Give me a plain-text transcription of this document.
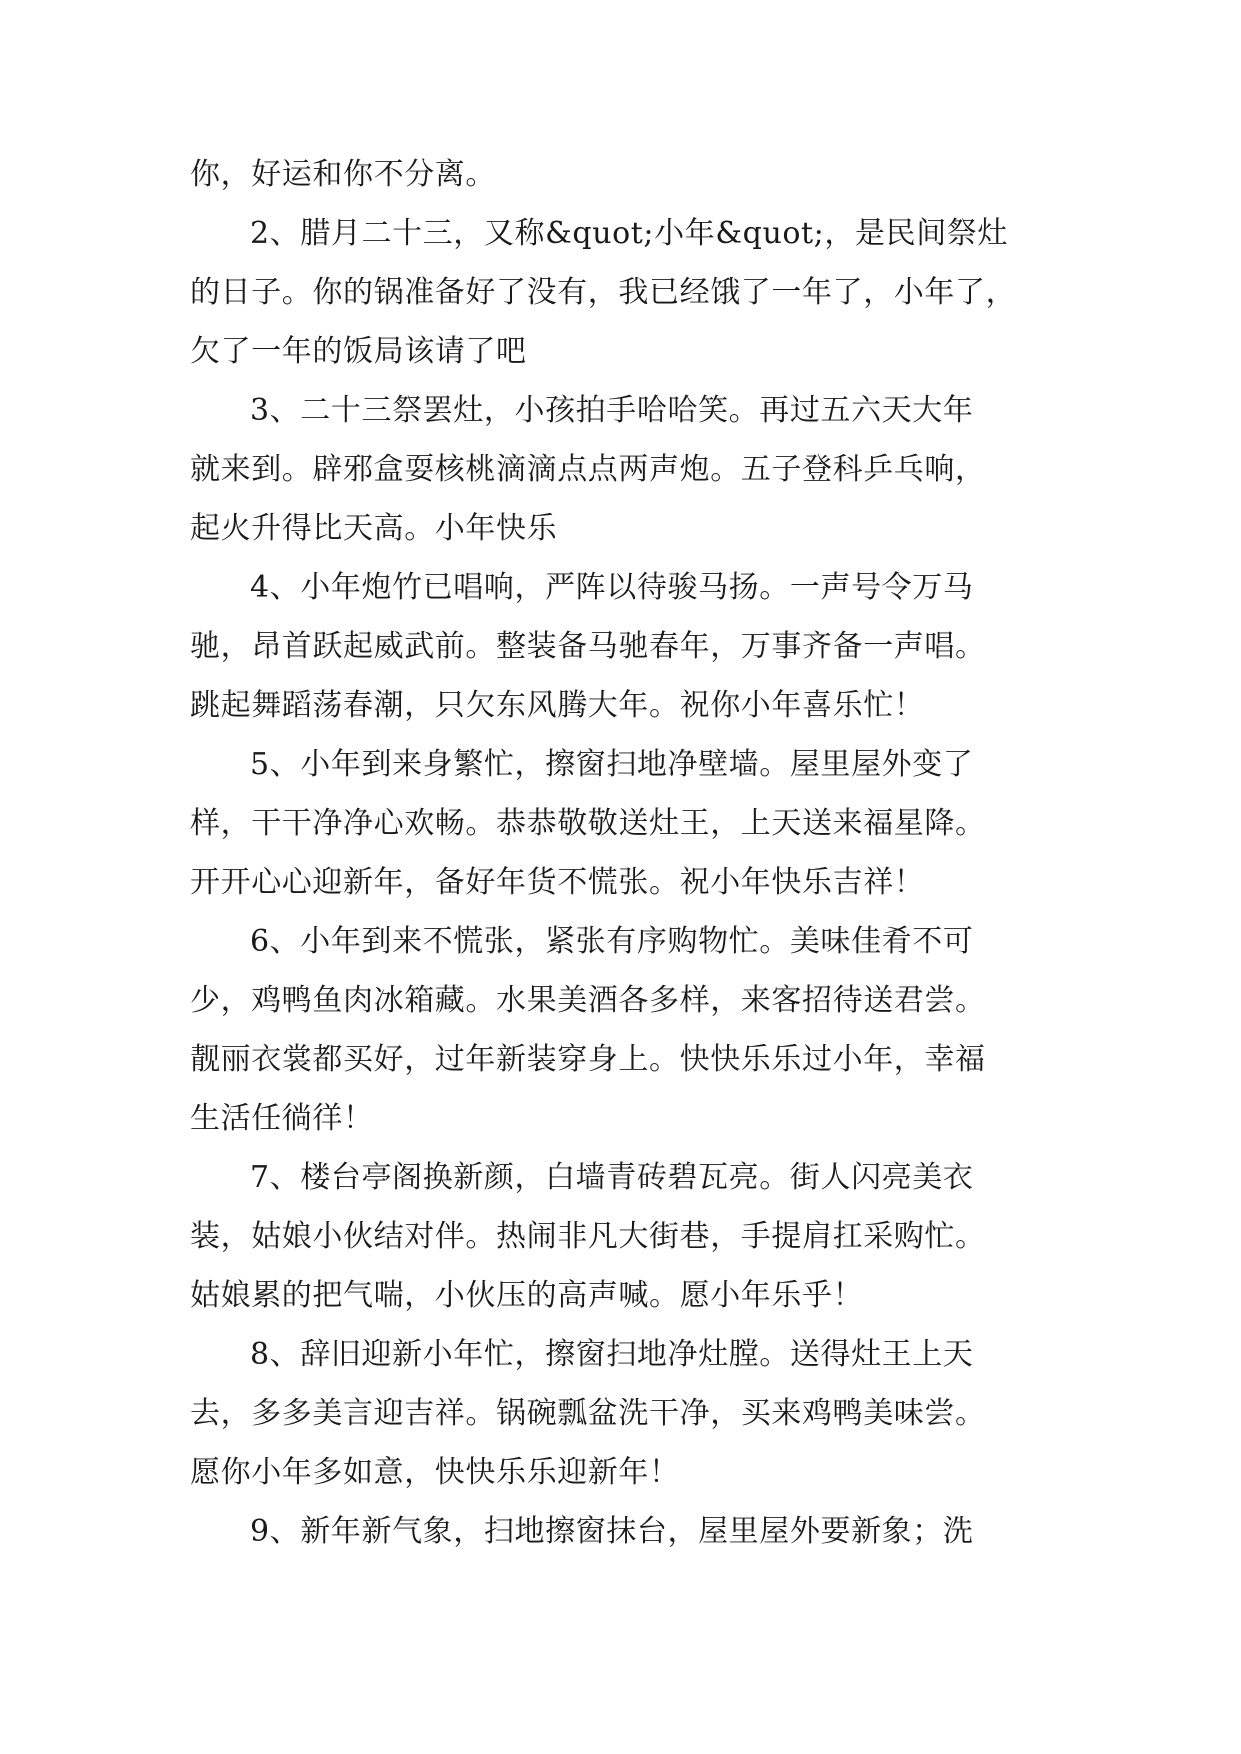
你，好运和你不分离。
2、腊月二十三，又称&quot;小年&quot;，是民间祭灶
的日子。你的锅准备好了没有，我已经饿了一年了，小年了，
欠了一年的饭局该请了吧
3、二十三祭罢灶，小孩拍手哈哈笑。再过五六天大年
就来到。辟邪盒耍核桃滴滴点点两声炮。五子登科乒乓响，
起火升得比天高。小年快乐
4、小年炮竹已唱响，严阵以待骏马扬。一声号令万马
驰，昂首跃起威武前。整装备马驰春年，万事齐备一声唱。
跳起舞蹈荡春潮，只欠东风腾大年。祝你小年喜乐忙！
5、小年到来身繁忙，擦窗扫地净壁墙。屋里屋外变了
样，干干净净心欢畅。恭恭敬敬送灶王，上天送来福星降。
开开心心迎新年，备好年货不慌张。祝小年快乐吉祥！
6、小年到来不慌张，紧张有序购物忙。美味佳肴不可
少，鸡鸭鱼肉冰箱藏。水果美酒各多样，来客招待送君尝。
靓丽衣裳都买好，过年新装穿身上。快快乐乐过小年，幸福
生活任徜徉！
7、楼台亭阁换新颜，白墙青砖碧瓦亮。街人闪亮美衣
装，姑娘小伙结对伴。热闹非凡大街巷，手提肩扛采购忙。
姑娘累的把气喘，小伙压的高声喊。愿小年乐乎！
8、辞旧迎新小年忙，擦窗扫地净灶膛。送得灶王上天
去，多多美言迎吉祥。锅碗瓢盆洗干净，买来鸡鸭美味尝。
愿你小年多如意，快快乐乐迎新年！
9、新年新气象，扫地擦窗抹台，屋里屋外要新象；洗
